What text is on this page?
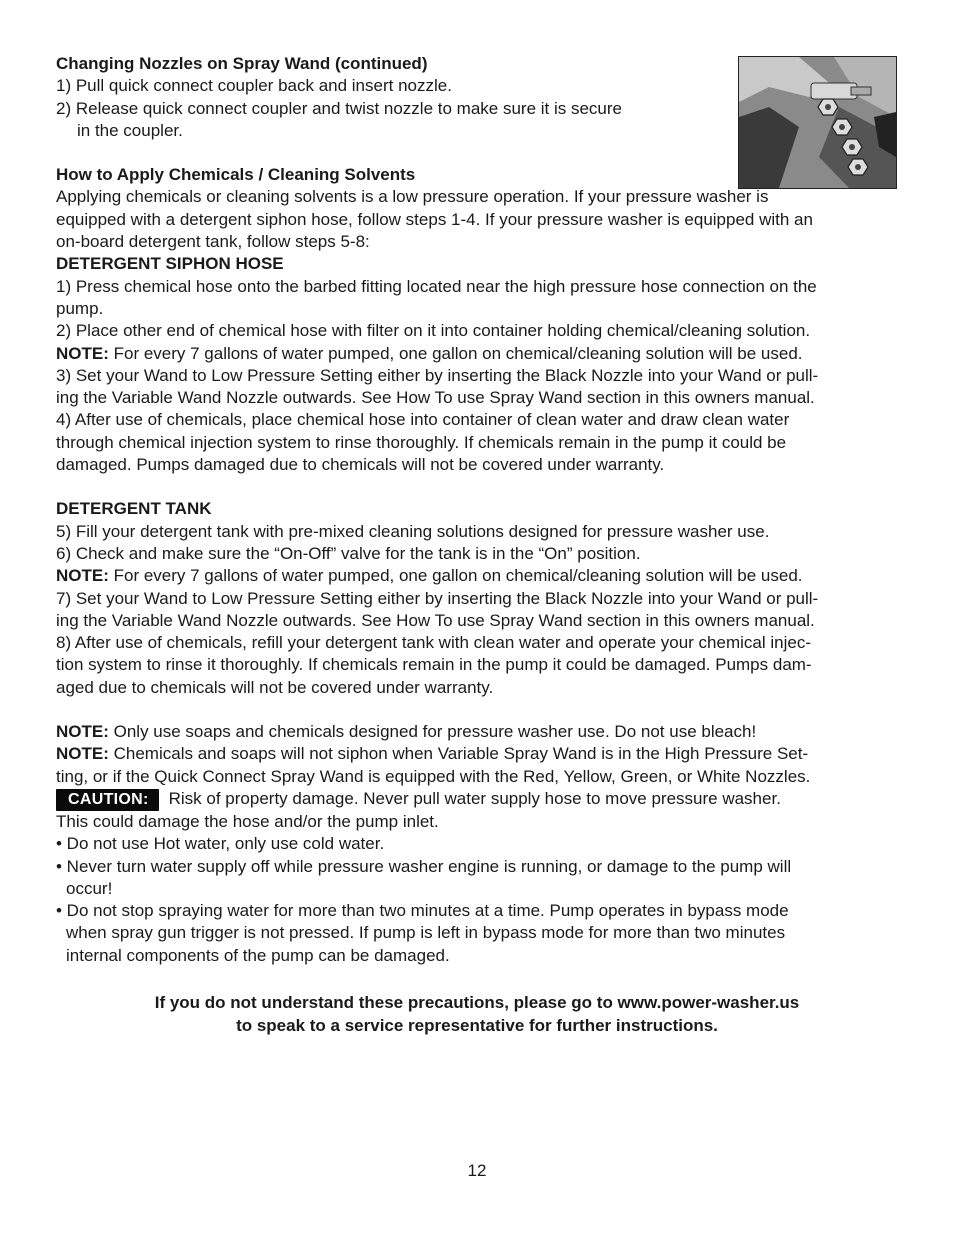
Changing Nozzles on Spray Wand (continued)

1) Pull quick connect coupler back and insert nozzle.

2) Release quick connect coupler and twist nozzle to make sure it is secure

in the coupler.

How to Apply Chemicals / Cleaning Solvents

Applying chemicals or cleaning solvents is a low pressure operation. If your pressure washer is

equipped with a detergent siphon hose, follow steps 1-4. If your pressure washer is equipped with an

on-board detergent tank, follow steps 5-8:

DETERGENT SIPHON HOSE

1) Press chemical hose onto the barbed fitting located near the high pressure hose connection on the

pump.

2) Place other end of chemical hose with filter on it into container holding chemical/cleaning solution.

NOTE: For every 7 gallons of water pumped, one gallon on chemical/cleaning solution will be used.

3) Set your Wand to Low Pressure Setting either by inserting the Black Nozzle into your Wand or pull-

ing the Variable Wand Nozzle outwards. See How To use Spray Wand section in this owners manual.

4) After use of chemicals, place chemical hose into container of clean water and draw clean water

through chemical injection system to rinse thoroughly. If chemicals remain in the pump it could be

damaged. Pumps damaged due to chemicals will not be covered under warranty.

DETERGENT TANK

5) Fill your detergent tank with pre-mixed cleaning solutions designed for pressure washer use.

6) Check and make sure the “On-Off” valve for the tank is in the “On” position.

NOTE: For every 7 gallons of water pumped, one gallon on chemical/cleaning solution will be used.

7) Set your Wand to Low Pressure Setting either by inserting the Black Nozzle into your Wand or pull-

ing the Variable Wand Nozzle outwards. See How To use Spray Wand section in this owners manual.

8) After use of chemicals, refill your detergent tank with clean water and operate your chemical injec-

tion system to rinse it thoroughly. If chemicals remain in the pump it could be damaged. Pumps dam-

aged due to chemicals will not be covered under warranty.

NOTE: Only use soaps and chemicals designed for pressure washer use. Do not use bleach!

NOTE: Chemicals and soaps will not siphon when Variable Spray Wand is in the High Pressure Set-

ting, or if the Quick Connect Spray Wand is equipped with the Red, Yellow, Green, or White Nozzles.

CAUTION: Risk of property damage. Never pull water supply hose to move pressure washer.

This could damage the hose and/or the pump inlet.

• Do not use Hot water, only use cold water.

• Never turn water supply off while pressure washer engine is running, or damage to the pump will

occur!

• Do not stop spraying water for more than two minutes at a time. Pump operates in bypass mode

when spray gun trigger is not pressed. If pump is left in bypass mode for more than two minutes

internal components of the pump can be damaged.

If you do not understand these precautions, please go to www.power-washer.us
to speak to a service representative for further instructions.
12
